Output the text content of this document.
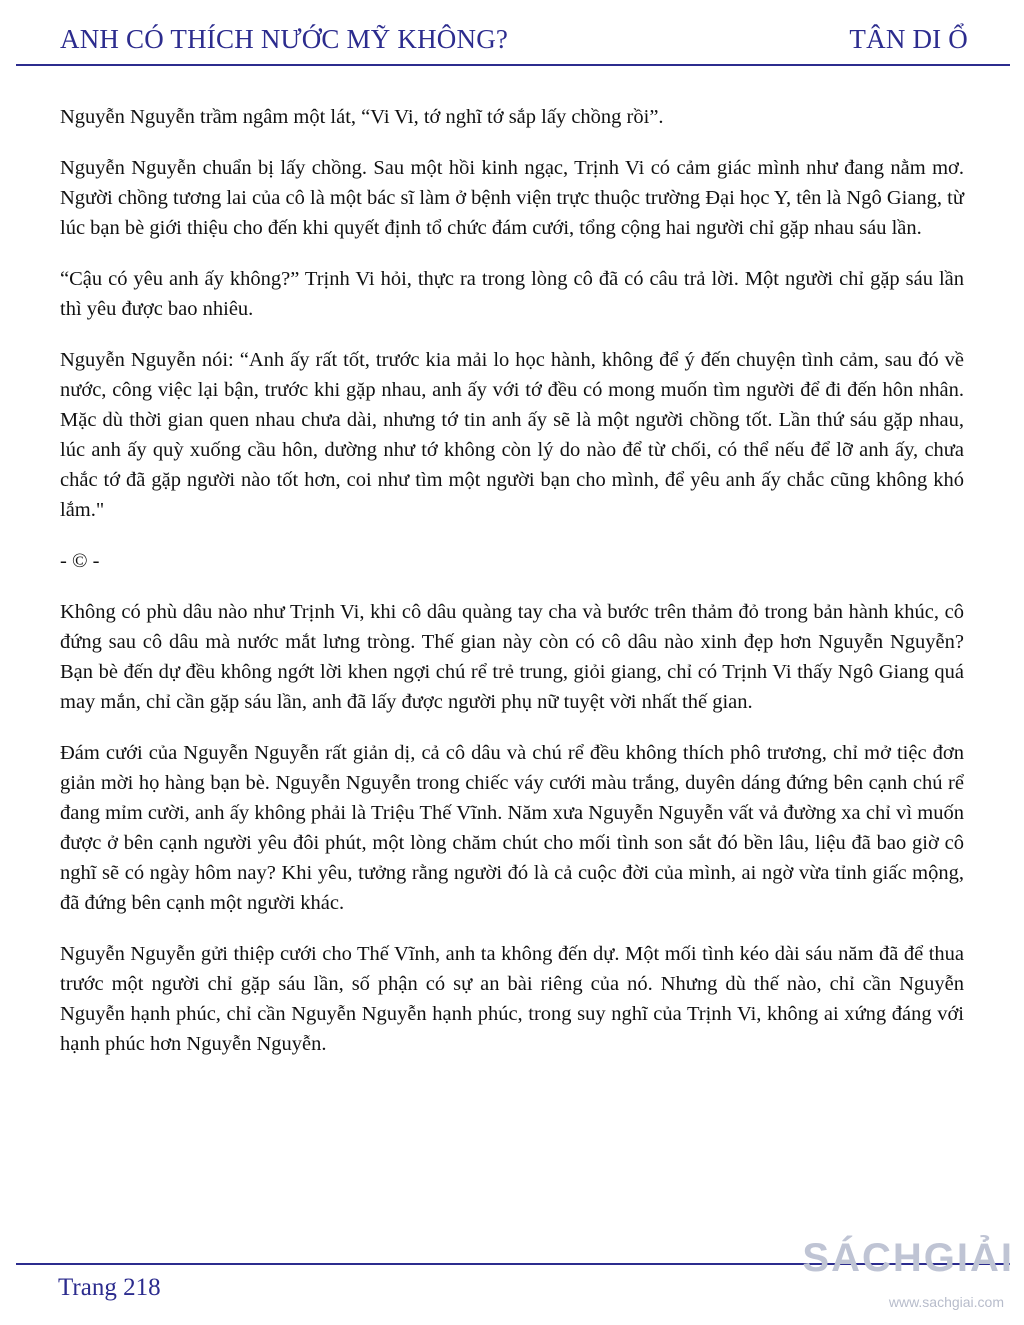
ANH CÓ THÍCH NƯỚC MỸ KHÔNG?	TÂN DI Ổ

Nguyễn Nguyễn trầm ngâm một lát, “Vi Vi, tớ nghĩ tớ sắp lấy chồng rồi”.

Nguyễn Nguyễn chuẩn bị lấy chồng. Sau một hồi kinh ngạc, Trịnh Vi có cảm giác mình như đang nằm mơ. Người chồng tương lai của cô là một bác sĩ làm ở bệnh viện trực thuộc trường Đại học Y, tên là Ngô Giang, từ lúc bạn bè giới thiệu cho đến khi quyết định tổ chức đám cưới, tổng cộng hai người chỉ gặp nhau sáu lần.

“Cậu có yêu anh ấy không?” Trịnh Vi hỏi, thực ra trong lòng cô đã có câu trả lời. Một người chỉ gặp sáu lần thì yêu được bao nhiêu.

Nguyễn Nguyễn nói: “Anh ấy rất tốt, trước kia mải lo học hành, không để ý đến chuyện tình cảm, sau đó về nước, công việc lại bận, trước khi gặp nhau, anh ấy với tớ đều có mong muốn tìm người để đi đến hôn nhân. Mặc dù thời gian quen nhau chưa dài, nhưng tớ tin anh ấy sẽ là một người chồng tốt. Lần thứ sáu gặp nhau, lúc anh ấy quỳ xuống cầu hôn, dường như tớ không còn lý do nào để từ chối, có thể nếu để lỡ anh ấy, chưa chắc tớ đã gặp người nào tốt hơn, coi như tìm một người bạn cho mình, để yêu anh ấy chắc cũng không khó lắm."

- © -

Không có phù dâu nào như Trịnh Vi, khi cô dâu quàng tay cha và bước trên thảm đỏ trong bản hành khúc, cô đứng sau cô dâu mà nước mắt lưng tròng. Thế gian này còn có cô dâu nào xinh đẹp hơn Nguyễn Nguyễn? Bạn bè đến dự đều không ngớt lời khen ngợi chú rể trẻ trung, giỏi giang, chỉ có Trịnh Vi thấy Ngô Giang quá may mắn, chỉ cần gặp sáu lần, anh đã lấy được người phụ nữ tuyệt vời nhất thế gian.

Đám cưới của Nguyễn Nguyễn rất giản dị, cả cô dâu và chú rể đều không thích phô trương, chỉ mở tiệc đơn giản mời họ hàng bạn bè. Nguyễn Nguyễn trong chiếc váy cưới màu trắng, duyên dáng đứng bên cạnh chú rể đang mỉm cười, anh ấy không phải là Triệu Thế Vĩnh. Năm xưa Nguyễn Nguyễn vất vả đường xa chỉ vì muốn được ở bên cạnh người yêu đôi phút, một lòng chăm chút cho mối tình son sắt đó bền lâu, liệu đã bao giờ cô nghĩ sẽ có ngày hôm nay? Khi yêu, tưởng rằng người đó là cả cuộc đời của mình, ai ngờ vừa tỉnh giấc mộng, đã đứng bên cạnh một người khác.

Nguyễn Nguyễn gửi thiệp cưới cho Thế Vĩnh, anh ta không đến dự. Một mối tình kéo dài sáu năm đã để thua trước một người chỉ gặp sáu lần, số phận có sự an bài riêng của nó. Nhưng dù thế nào, chỉ cần Nguyễn Nguyễn hạnh phúc, chỉ cần Nguyễn Nguyễn hạnh phúc, trong suy nghĩ của Trịnh Vi, không ai xứng đáng với hạnh phúc hơn Nguyễn Nguyễn.

Trang 218
SÁCHGIẢI
www.sachgiai.com
